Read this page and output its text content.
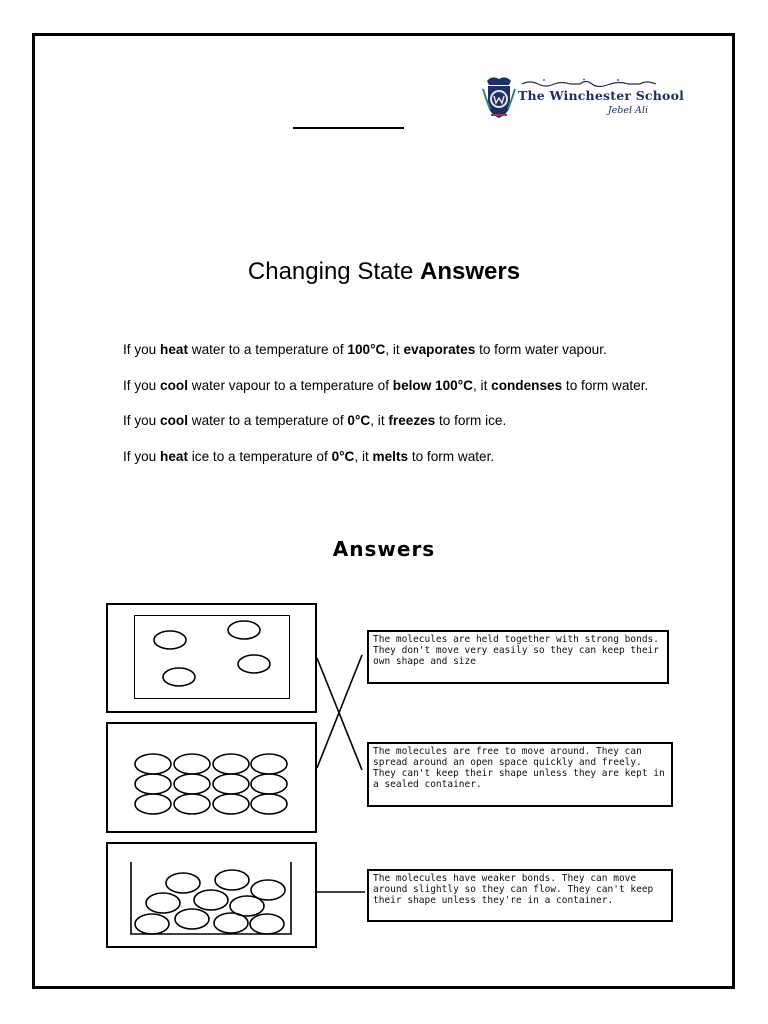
The Winchester School
Jebel Ali
Changing State Answers
If you heat water to a temperature of 100°C, it evaporates to form water vapour.
If you cool water vapour to a temperature of below 100°C, it condenses to form water.
If you cool water to a temperature of 0°C, it freezes to form ice.
If you heat ice to a temperature of 0°C, it melts to form water.
Answers
The molecules are held together with strong bonds. They don't move very easily so they can keep their own shape and size
The molecules are free to move around. They can spread around an open space quickly and freely. They can't keep their shape unless they are kept in a sealed container.
The molecules have weaker bonds. They can move around slightly so they can flow. They can't keep their shape unless they're in a container.
